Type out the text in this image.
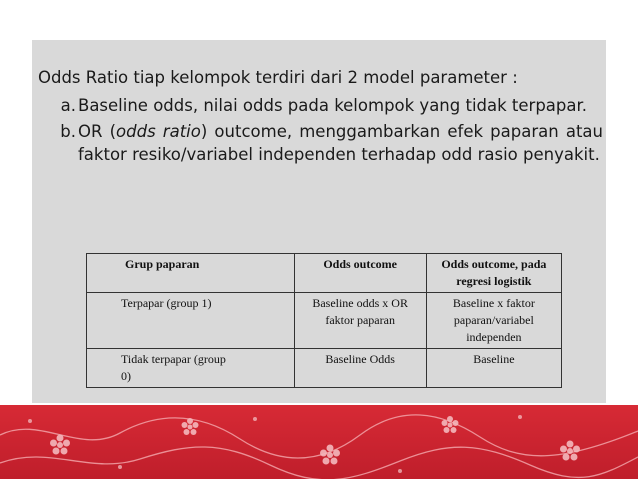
Odds Ratio tiap kelompok terdiri dari 2 model parameter :

a. Baseline odds, nilai odds pada kelompok yang tidak terpapar.
b. OR (odds ratio) outcome, menggambarkan efek paparan atau faktor resiko/variabel independen terhadap odd rasio penyakit.
Grup paparan	Odds outcome	Odds outcome, pada regresi logistik
Terpapar (group 1)	Baseline odds x OR faktor paparan	Baseline x faktor paparan/variabel independen
Tidak terpapar (group 0)	Baseline Odds	Baseline
